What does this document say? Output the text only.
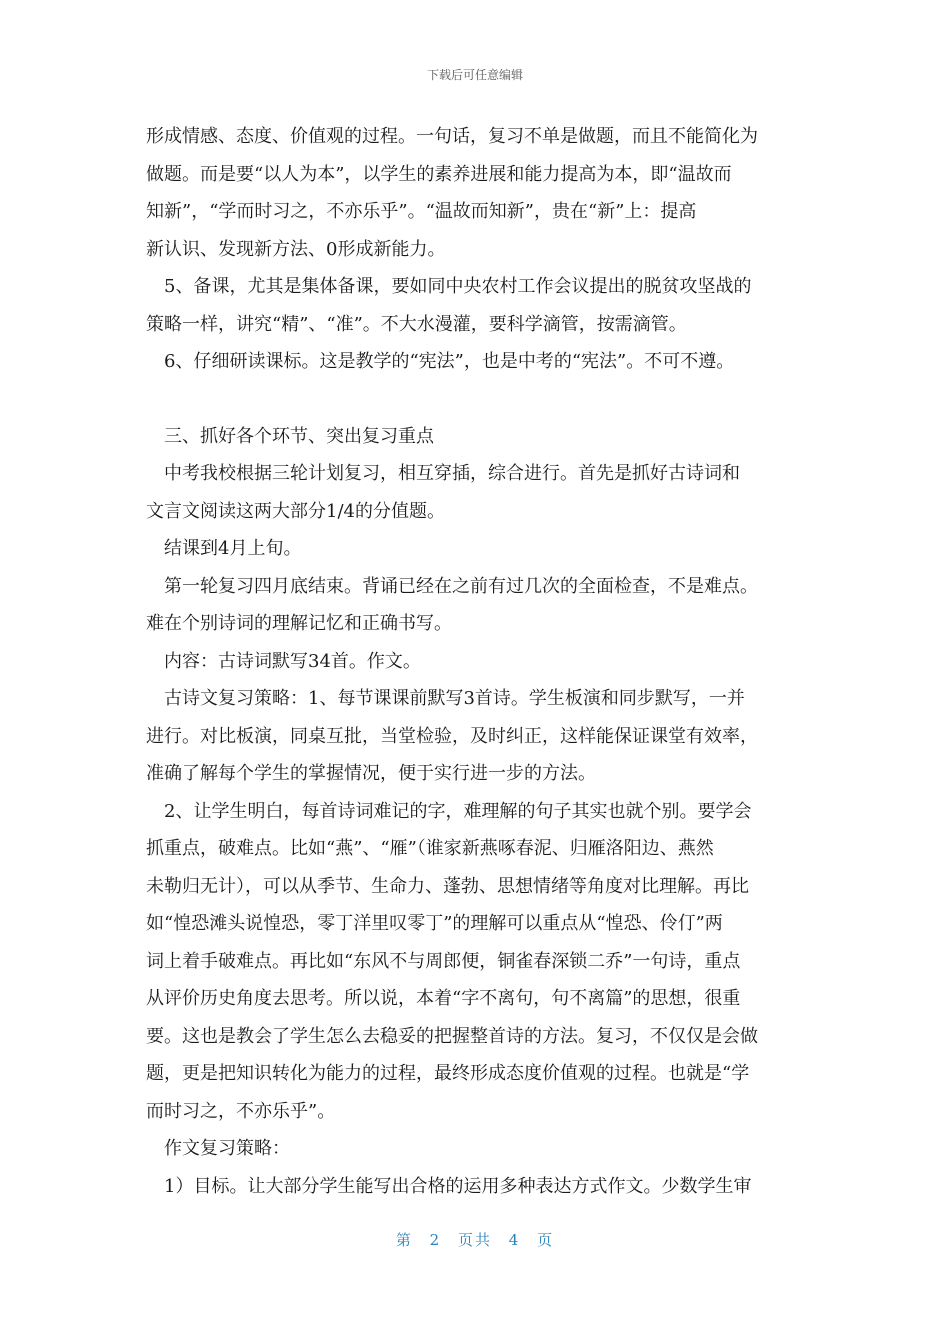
下载后可任意编辑

形成情感、态度、价值观的过程。一句话，复习不单是做题，而且不能简化为

做题。而是要“以人为本”，以学生的素养进展和能力提高为本，即“温故而

知新”，“学而时习之，不亦乐乎”。“温故而知新”，贵在“新”上：提高

新认识、发现新方法、0形成新能力。

　5、备课，尤其是集体备课，要如同中央农村工作会议提出的脱贫攻坚战的

策略一样，讲究“精”、“准”。不大水漫灌，要科学滴管，按需滴管。

　6、仔细研读课标。这是教学的“宪法”，也是中考的“宪法”。不可不遵。

　三、抓好各个环节、突出复习重点

　中考我校根据三轮计划复习，相互穿插，综合进行。首先是抓好古诗词和

文言文阅读这两大部分1/4的分值题。

　结课到4月上旬。

　第一轮复习四月底结束。背诵已经在之前有过几次的全面检查，不是难点。

难在个别诗词的理解记忆和正确书写。

　内容：古诗词默写34首。作文。

　古诗文复习策略：1、每节课课前默写3首诗。学生板演和同步默写，一并

进行。对比板演，同桌互批，当堂检验，及时纠正，这样能保证课堂有效率，

准确了解每个学生的掌握情况，便于实行进一步的方法。

　2、让学生明白，每首诗词难记的字，难理解的句子其实也就个别。要学会

抓重点，破难点。比如“燕”、“雁”（谁家新燕啄春泥、归雁洛阳边、燕然

未勒归无计），可以从季节、生命力、蓬勃、思想情绪等角度对比理解。再比

如“惶恐滩头说惶恐，零丁洋里叹零丁”的理解可以重点从“惶恐、伶仃”两

词上着手破难点。再比如“东风不与周郎便，铜雀春深锁二乔”一句诗，重点

从评价历史角度去思考。所以说，本着“字不离句，句不离篇”的思想，很重

要。这也是教会了学生怎么去稳妥的把握整首诗的方法。复习，不仅仅是会做

题，更是把知识转化为能力的过程，最终形成态度价值观的过程。也就是“学

而时习之，不亦乐乎”。

　作文复习策略：

　1）目标。让大部分学生能写出合格的运用多种表达方式作文。少数学生审

第 2 页共 4 页
